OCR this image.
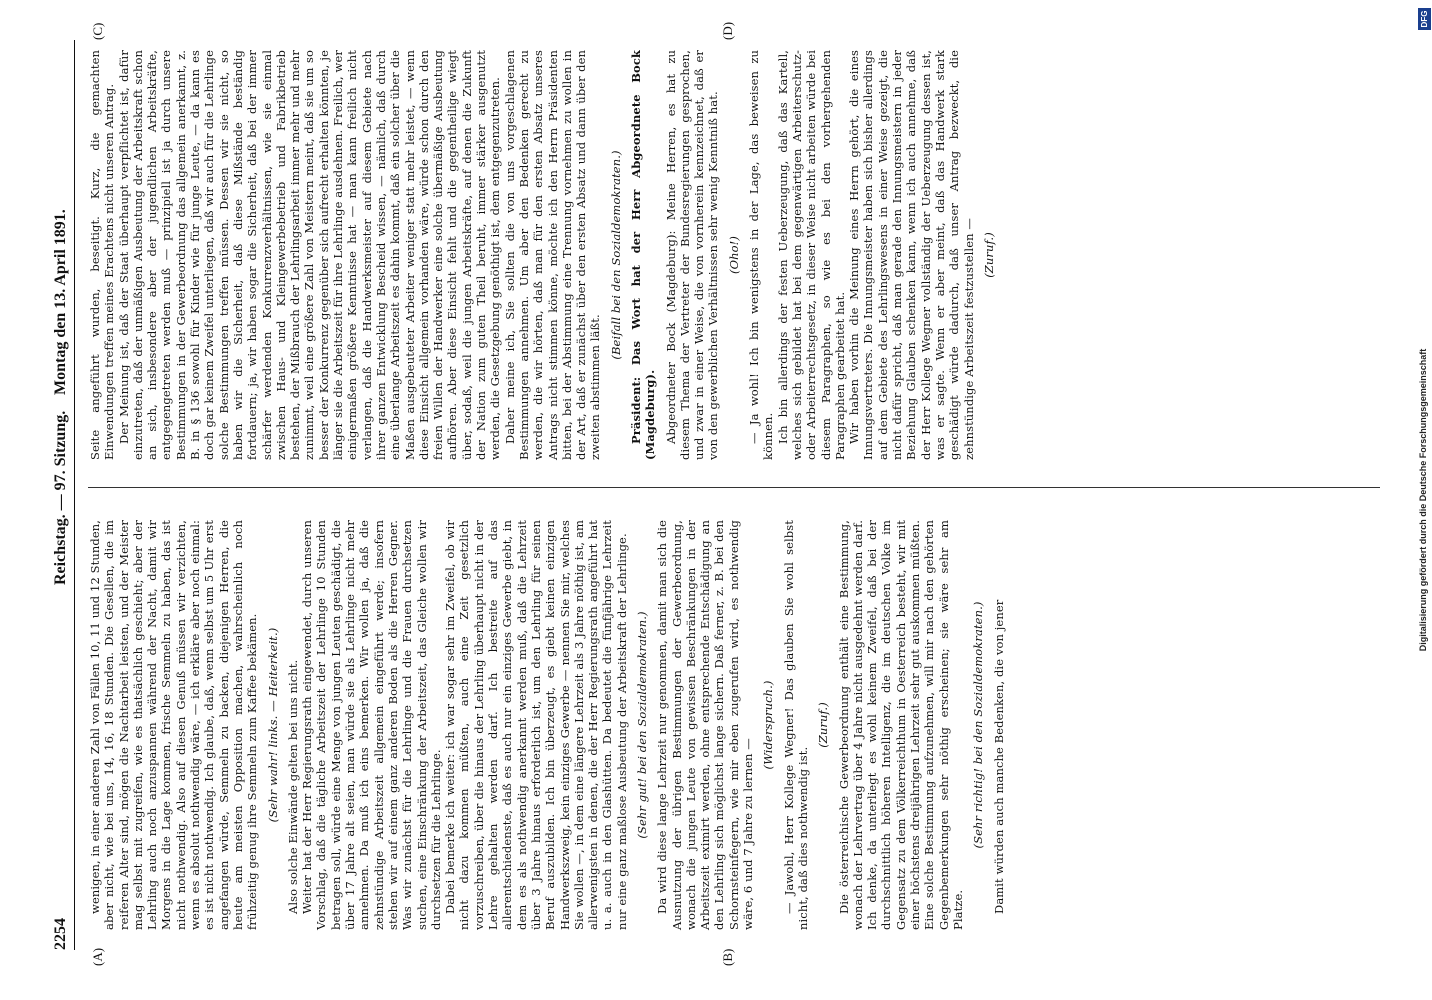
2254
Reichstag. — 97. Sitzung.
Montag den 13. April 1891.
(A)	(B)
(C)	(D)

wenigen, in einer anderen Zahl von Fällen 10, 11 und 12 Stunden, aber nicht, wie bei uns, 14, 16, 18 Stunden. Die Gesellen, die im reiferen Alter sind, mögen die Nachtarbeit leisten, und der Meister mag selbst mit zugreifen, wie es thatsächlich geschieht; aber der Lehrling auch noch anzuspannen während der Nacht, damit wir Morgens in die Lage kommen, frische Semmeln zu haben, das ist nicht nothwendig. Also auf diesen Genuß müssen wir verzichten, wenn es absolut nothwendig wäre, — ich erkläre aber noch einmal: es ist nicht nothwendig. Ich glaube, daß, wenn selbst um 5 Uhr erst angefangen würde, Semmeln zu backen, diejenigen Herren, die heute am meisten Opposition machen, wahrscheinlich noch frühzeitig genug ihre Semmeln zum Kaffee bekämen. (Sehr wahr! links. — Heiterkeit.) Also solche Einwände gelten bei uns nicht. Weiter hat der Herr Regierungsrath eingewendet, durch unseren Vorschlag, daß die tägliche Arbeitszeit der Lehrlinge 10 Stunden betragen soll, würde eine Menge von jungen Leuten geschädigt, die über 17 Jahre alt seien, man würde sie als Lehrlinge nicht mehr annehmen. Da muß ich eins bemerken. Wir wollen ja, daß die zehnstündige Arbeitszeit allgemein eingeführt werde; insofern stehen wir auf einem ganz anderen Boden als die Herren Gegner. Was wir zunächst für die Lehrlinge und die Frauen durchsetzen suchen, eine Einschränkung der Arbeitszeit, das Gleiche wollen wir durchsetzen für die Lehrlinge. Dabei bemerke ich weiter: ich war sogar sehr im Zweifel, ob wir nicht dazu kommen müßten, auch eine Zeit gesetzlich vorzuschreiben, über die hinaus der Lehrling überhaupt nicht in der Lehre gehalten werden darf. Ich bestreite auf das allerentschiedenste, daß es auch nur ein einziges Gewerbe giebt, in dem es als nothwendig anerkannt werden muß, daß die Lehrzeit über 3 Jahre hinaus erforderlich ist, um den Lehrling für seinen Beruf auszubilden. Ich bin überzeugt, es giebt keinen einzigen Handwerkszweig, kein einziges Gewerbe — nennen Sie mir, welches Sie wollen —, in dem eine längere Lehrzeit als 3 Jahre nöthig ist, am allerwenigsten in denen, die der Herr Regierungsrath angeführt hat u. a. auch in den Glashütten. Da bedeutet die fünfjährige Lehrzeit nur eine ganz maßlose Ausbeutung der Arbeitskraft der Lehrlinge. (Sehr gut! bei den Sozialdemokraten.) Da wird diese lange Lehrzeit nur genommen, damit man sich die Ausnutzung der übrigen Bestimmungen der Gewerbeordnung, wonach die jungen Leute von gewissen Beschränkungen in der Arbeitszeit eximirt werden, ohne entsprechende Entschädigung an den Lehrling sich möglichst lange sichern. Daß ferner, z. B. bei den Schornsteinfegern, wie mir eben zugerufen wird, es nothwendig wäre, 6 und 7 Jahre zu lernen —

(Widerspruch.) — Jawohl, Herr Kollege Wegner! Das glauben Sie wohl selbst nicht, daß dies nothwendig ist.

(Zuruf.) Die österreichische Gewerbeordnung enthält eine Bestimmung, wonach der Lehrvertrag über 4 Jahre nicht ausgedehnt werden darf. Ich denke, da unterliegt es wohl keinem Zweifel, daß bei der durchschnittlich höheren Intelligenz, die im deutschen Volke im Gegensatz zu dem Völkerreichthum in Oesterreich besteht, wir mit einer höchstens dreijährigen Lehrzeit sehr gut auskommen müßten. Eine solche Bestimmung aufzunehmen, will mir nach den gehörten Gegenbemerkungen sehr nöthig erscheinen; sie wäre sehr am Platze.

(Sehr richtig! bei den Sozialdemokraten.) Damit würden auch manche Bedenken, die von jener

Seite angeführt wurden, beseitigt. Kurz, die gemachten Einwendungen treffen meines Erachtens nicht unseren Antrag. Der Meinung ist, daß der Staat überhaupt verpflichtet ist, dafür einzutreten, daß der unmäßigen Ausbeutung der Arbeitskraft schon an sich, insbesondere aber der jugendlichen Arbeitskräfte, entgegengetreten werden muß — prinzipiell ist ja durch unsere Bestimmungen in der Gewerbeordnung das allgemein anerkannt, z. B. in § 136 sowohl für Kinder wie für junge Leute, — da kann es doch gar keinem Zweifel unterliegen, daß wir auch für die Lehrlinge solche Bestimmungen treffen müssen. Dessen wir sie nicht, so haben wir die Sicherheit, daß diese Mißstände beständig fortdauern; ja, wir haben sogar die Sicherheit, daß bei der immer schärfer werdenden Konkurrenzverhältnissen, wie sie einmal zwischen Haus- und Kleingewerbebetrieb und Fabrikbetrieb bestehen, der Mißbrauch der Lehrlingsarbeit immer mehr und mehr zunimmt, weil eine größere Zahl von Meistern meint, daß sie um so besser der Konkurrenz gegenüber sich aufrecht erhalten könnten, je länger sie die Arbeitszeit für ihre Lehrlinge ausdehnen. Freilich, wer einigermaßen größere Kenntnisse hat — man kann freilich nicht verlangen, daß die Handwerksmeister auf diesem Gebiete nach ihrer ganzen Entwicklung Bescheid wissen, — nämlich, daß durch eine überlange Arbeitszeit es dahin kommt, daß ein solcher über die Maßen ausgebeuteter Arbeiter weniger statt mehr leistet, — wenn diese Einsicht allgemein vorhanden wäre, würde schon durch den freien Willen der Handwerker eine solche übermäßige Ausbeutung aufhören. Aber diese Einsicht fehlt und die gegentheilige wiegt über, sodaß, weil die jungen Arbeitskräfte, auf denen die Zukunft der Nation zum guten Theil beruht, immer stärker ausgenutzt werden, die Gesetzgebung genöthigt ist, dem entgegenzutreten. Daher meine ich, Sie sollten die von uns vorgeschlagenen Bestimmungen annehmen. Um aber den Bedenken gerecht zu werden, die wir hörten, daß man für den ersten Absatz unseres Antrags nicht stimmen könne, möchte ich den Herrn Präsidenten bitten, bei der Abstimmung eine Trennung vornehmen zu wollen in der Art, daß er zunächst über den ersten Absatz und dann über den zweiten abstimmen läßt.

(Beifall bei den Sozialdemokraten.) Präsident: Das Wort hat der Herr Abgeordnete Bock (Magdeburg). Abgeordneter Bock (Magdeburg): Meine Herren, es hat zu diesem Thema der Vertreter der Bundesregierungen gesprochen, und zwar in einer Weise, die von vornherein kennzeichnet, daß er von den gewerblichen Verhältnissen sehr wenig Kenntniß hat. (Oho!) — Ja wohl! Ich bin wenigstens in der Lage, das beweisen zu können. Ich bin allerdings der festen Ueberzeugung, daß das Kartell, welches sich gebildet hat bei dem gegenwärtigen Arbeiterschutz- oder Arbeiterrechtsgesetz, in dieser Weise nicht arbeiten würde bei diesem Paragraphen, so wie es bei den vorhergehenden Paragraphen gearbeitet hat. Wir haben vorhin die Meinung eines Herrn gehört, die eines Innungsvertreters. Die Innungsmeister haben sich bisher allerdings auf dem Gebiete des Lehrlingswesens in einer Weise gezeigt, die nicht dafür spricht, daß man gerade den Innungsmeistern in jeder Beziehung Glauben schenken kann, wenn ich auch annehme, daß der Herr Kollege Wegner vollständig der Ueberzeugung dessen ist, was er sagte. Wenn er aber meint, daß das Handwerk stark geschädigt würde dadurch, daß unser Antrag bezweckt, die zehnstündige Arbeitszeit festzustellen — (Zuruf.)

Digitalisierung gefördert durch die Deutsche Forschungsgemeinschaft
DFG
